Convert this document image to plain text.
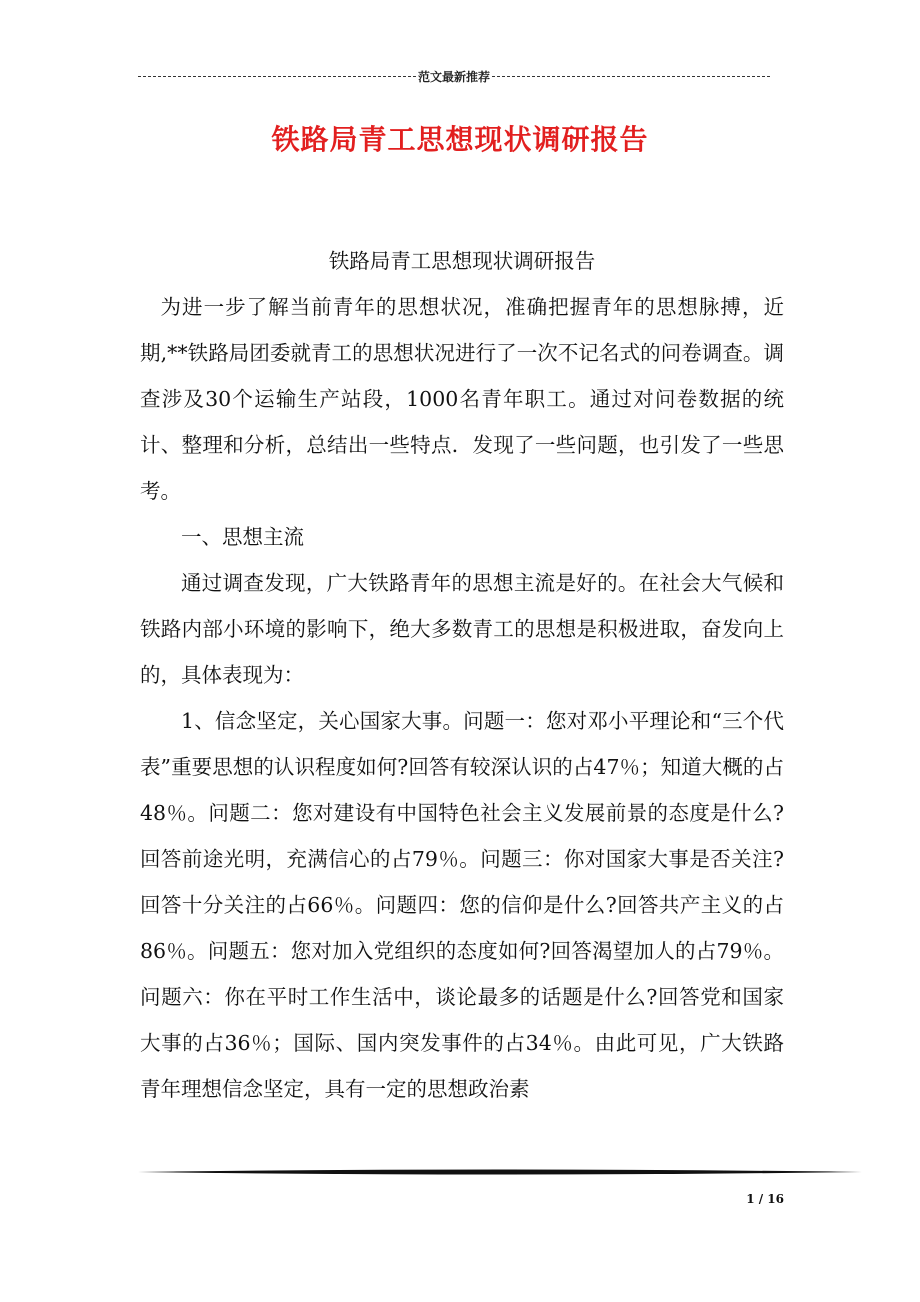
范文最新推荐
铁路局青工思想现状调研报告

铁路局青工思想现状调研报告

为进一步了解当前青年的思想状况，准确把握青年的思想脉搏，近期,**铁路局团委就青工的思想状况进行了一次不记名式的问卷调查。调查涉及30个运输生产站段，1000名青年职工。通过对问卷数据的统计、整理和分析，总结出一些特点．发现了一些问题，也引发了一些思考。

一、思想主流

通过调查发现，广大铁路青年的思想主流是好的。在社会大气候和铁路内部小环境的影响下，绝大多数青工的思想是积极进取，奋发向上的，具体表现为：

1、信念坚定，关心国家大事。问题一：您对邓小平理论和“三个代表”重要思想的认识程度如何?回答有较深认识的占47％；知道大概的占48％。问题二：您对建设有中国特色社会主义发展前景的态度是什么?回答前途光明，充满信心的占79％。问题三：你对国家大事是否关注?回答十分关注的占66％。问题四：您的信仰是什么?回答共产主义的占86％。问题五：您对加入党组织的态度如何?回答渴望加人的占79％。问题六：你在平时工作生活中，谈论最多的话题是什么?回答党和国家大事的占36％；国际、国内突发事件的占34％。由此可见，广大铁路青年理想信念坚定，具有一定的思想政治素

1 / 16
